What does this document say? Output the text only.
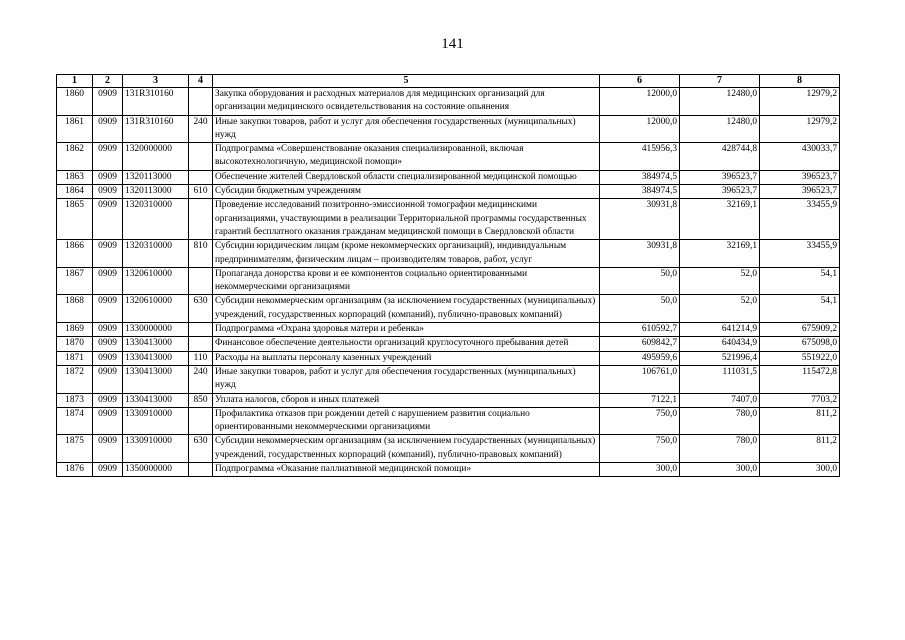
141
1	2	3	4	5	6	7	8
1860	0909	131R310160		Закупка оборудования и расходных материалов для медицинских организаций для организации медицинского освидетельствования на состояние опьянения	12000,0	12480,0	12979,2
1861	0909	131R310160	240	Иные закупки товаров, работ и услуг для обеспечения государственных (муниципальных) нужд	12000,0	12480,0	12979,2
1862	0909	1320000000		Подпрограмма «Совершенствование оказания специализированной, включая высокотехнологичную, медицинской помощи»	415956,3	428744,8	430033,7
1863	0909	1320113000		Обеспечение жителей Свердловской области специализированной медицинской помощью	384974,5	396523,7	396523,7
1864	0909	1320113000	610	Субсидии бюджетным учреждениям	384974,5	396523,7	396523,7
1865	0909	1320310000		Проведение исследований позитронно-эмиссионной томографии медицинскими организациями, участвующими в реализации Территориальной программы государственных гарантий бесплатного оказания гражданам медицинской помощи в Свердловской области	30931,8	32169,1	33455,9
1866	0909	1320310000	810	Субсидии юридическим лицам (кроме некоммерческих организаций), индивидуальным предпринимателям, физическим лицам – производителям товаров, работ, услуг	30931,8	32169,1	33455,9
1867	0909	1320610000		Пропаганда донорства крови и ее компонентов социально ориентированными некоммерческими организациями	50,0	52,0	54,1
1868	0909	1320610000	630	Субсидии некоммерческим организациям (за исключением государственных (муниципальных) учреждений, государственных корпораций (компаний), публично-правовых компаний)	50,0	52,0	54,1
1869	0909	1330000000		Подпрограмма «Охрана здоровья матери и ребенка»	610592,7	641214,9	675909,2
1870	0909	1330413000		Финансовое обеспечение деятельности организаций круглосуточного пребывания детей	609842,7	640434,9	675098,0
1871	0909	1330413000	110	Расходы на выплаты персоналу казенных учреждений	495959,6	521996,4	551922,0
1872	0909	1330413000	240	Иные закупки товаров, работ и услуг для обеспечения государственных (муниципальных) нужд	106761,0	111031,5	115472,8
1873	0909	1330413000	850	Уплата налогов, сборов и иных платежей	7122,1	7407,0	7703,2
1874	0909	1330910000		Профилактика отказов при рождении детей с нарушением развития социально ориентированными некоммерческими организациями	750,0	780,0	811,2
1875	0909	1330910000	630	Субсидии некоммерческим организациям (за исключением государственных (муниципальных) учреждений, государственных корпораций (компаний), публично-правовых компаний)	750,0	780,0	811,2
1876	0909	1350000000		Подпрограмма «Оказание паллиативной медицинской помощи»	300,0	300,0	300,0
